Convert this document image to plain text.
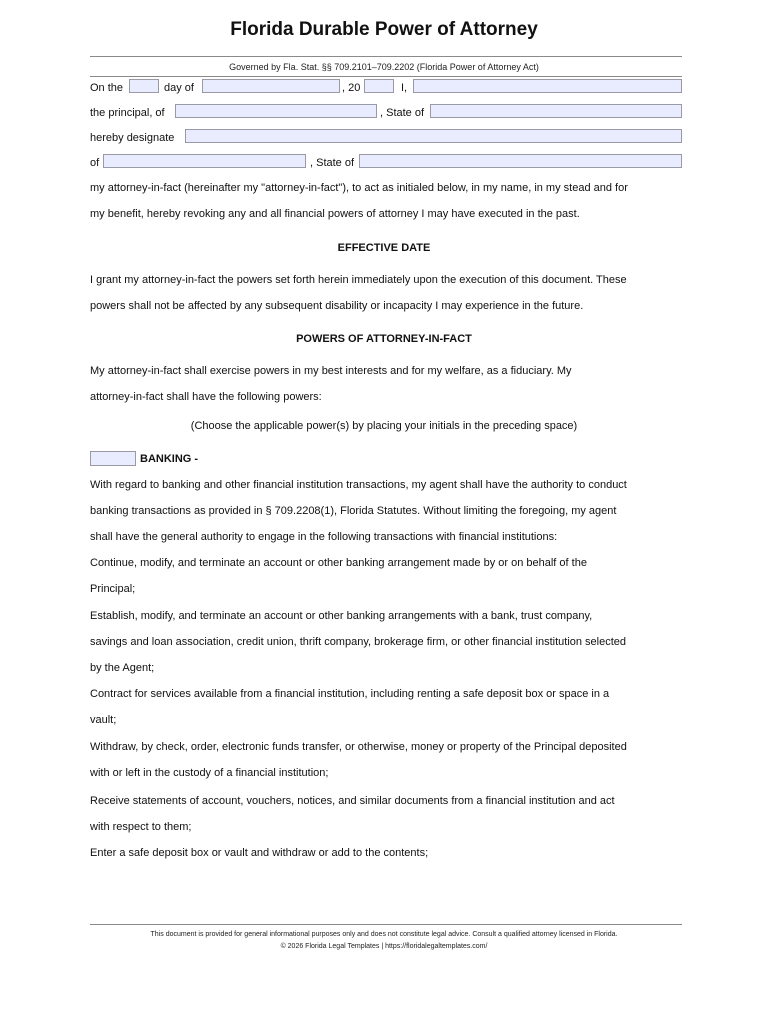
Florida Durable Power of Attorney
Governed by Fla. Stat. §§ 709.2101–709.2202 (Florida Power of Attorney Act)
On the	day of	, 20	I,
the principal, of	, State of
hereby designate
of	, State of
my attorney-in-fact (hereinafter my "attorney-in-fact"), to act as initialed below, in my name, in my stead and for
my benefit, hereby revoking any and all financial powers of attorney I may have executed in the past.
EFFECTIVE DATE
I grant my attorney-in-fact the powers set forth herein immediately upon the execution of this document. These
powers shall not be affected by any subsequent disability or incapacity I may experience in the future.
POWERS OF ATTORNEY-IN-FACT
My attorney-in-fact shall exercise powers in my best interests and for my welfare, as a fiduciary. My
attorney-in-fact shall have the following powers:
(Choose the applicable power(s) by placing your initials in the preceding space)
BANKING -
With regard to banking and other financial institution transactions, my agent shall have the authority to conduct
banking transactions as provided in § 709.2208(1), Florida Statutes. Without limiting the foregoing, my agent
shall have the general authority to engage in the following transactions with financial institutions:
Continue, modify, and terminate an account or other banking arrangement made by or on behalf of the
Principal;
Establish, modify, and terminate an account or other banking arrangements with a bank, trust company,
savings and loan association, credit union, thrift company, brokerage firm, or other financial institution selected
by the Agent;
Contract for services available from a financial institution, including renting a safe deposit box or space in a
vault;
Withdraw, by check, order, electronic funds transfer, or otherwise, money or property of the Principal deposited
with or left in the custody of a financial institution;
Receive statements of account, vouchers, notices, and similar documents from a financial institution and act
with respect to them;
Enter a safe deposit box or vault and withdraw or add to the contents;
This document is provided for general informational purposes only and does not constitute legal advice. Consult a qualified attorney licensed in Florida.
© 2026 Florida Legal Templates | https://floridalegaltemplates.com/
